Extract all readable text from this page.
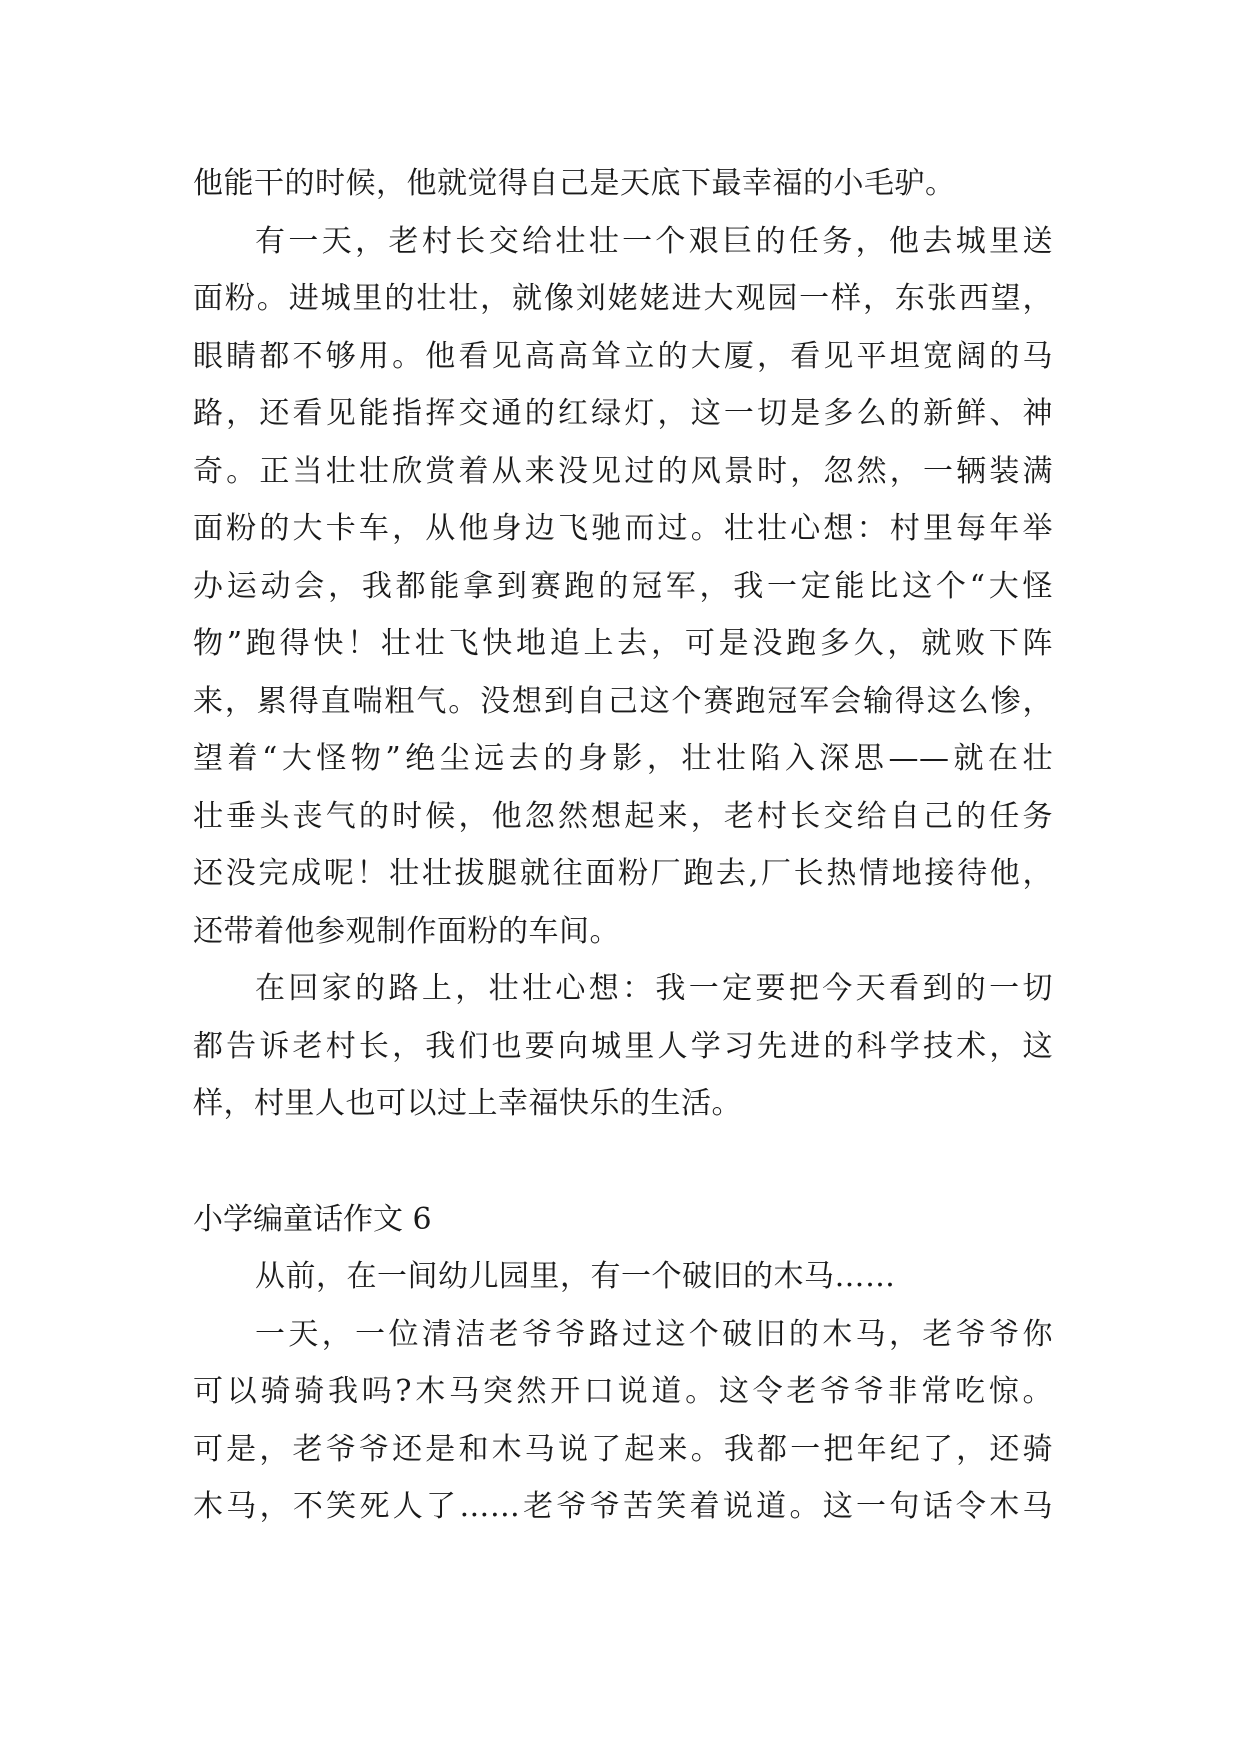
他能干的时候，他就觉得自己是天底下最幸福的小毛驴。
有一天，老村长交给壮壮一个艰巨的任务，他去城里送
面粉。进城里的壮壮，就像刘姥姥进大观园一样，东张西望，
眼睛都不够用。他看见高高耸立的大厦，看见平坦宽阔的马
路，还看见能指挥交通的红绿灯，这一切是多么的新鲜、神
奇。正当壮壮欣赏着从来没见过的风景时，忽然，一辆装满
面粉的大卡车，从他身边飞驰而过。壮壮心想：村里每年举
办运动会，我都能拿到赛跑的冠军，我一定能比这个“大怪
物”跑得快！壮壮飞快地追上去，可是没跑多久，就败下阵
来，累得直喘粗气。没想到自己这个赛跑冠军会输得这么惨，
望着“大怪物”绝尘远去的身影，壮壮陷入深思——就在壮
壮垂头丧气的时候，他忽然想起来，老村长交给自己的任务
还没完成呢！壮壮拔腿就往面粉厂跑去,厂长热情地接待他，
还带着他参观制作面粉的车间。
在回家的路上，壮壮心想：我一定要把今天看到的一切
都告诉老村长，我们也要向城里人学习先进的科学技术，这
样，村里人也可以过上幸福快乐的生活。
小学编童话作文 6
从前，在一间幼儿园里，有一个破旧的木马……
一天，一位清洁老爷爷路过这个破旧的木马，老爷爷你
可以骑骑我吗?木马突然开口说道。这令老爷爷非常吃惊。
可是，老爷爷还是和木马说了起来。我都一把年纪了，还骑
木马，不笑死人了……老爷爷苦笑着说道。这一句话令木马
